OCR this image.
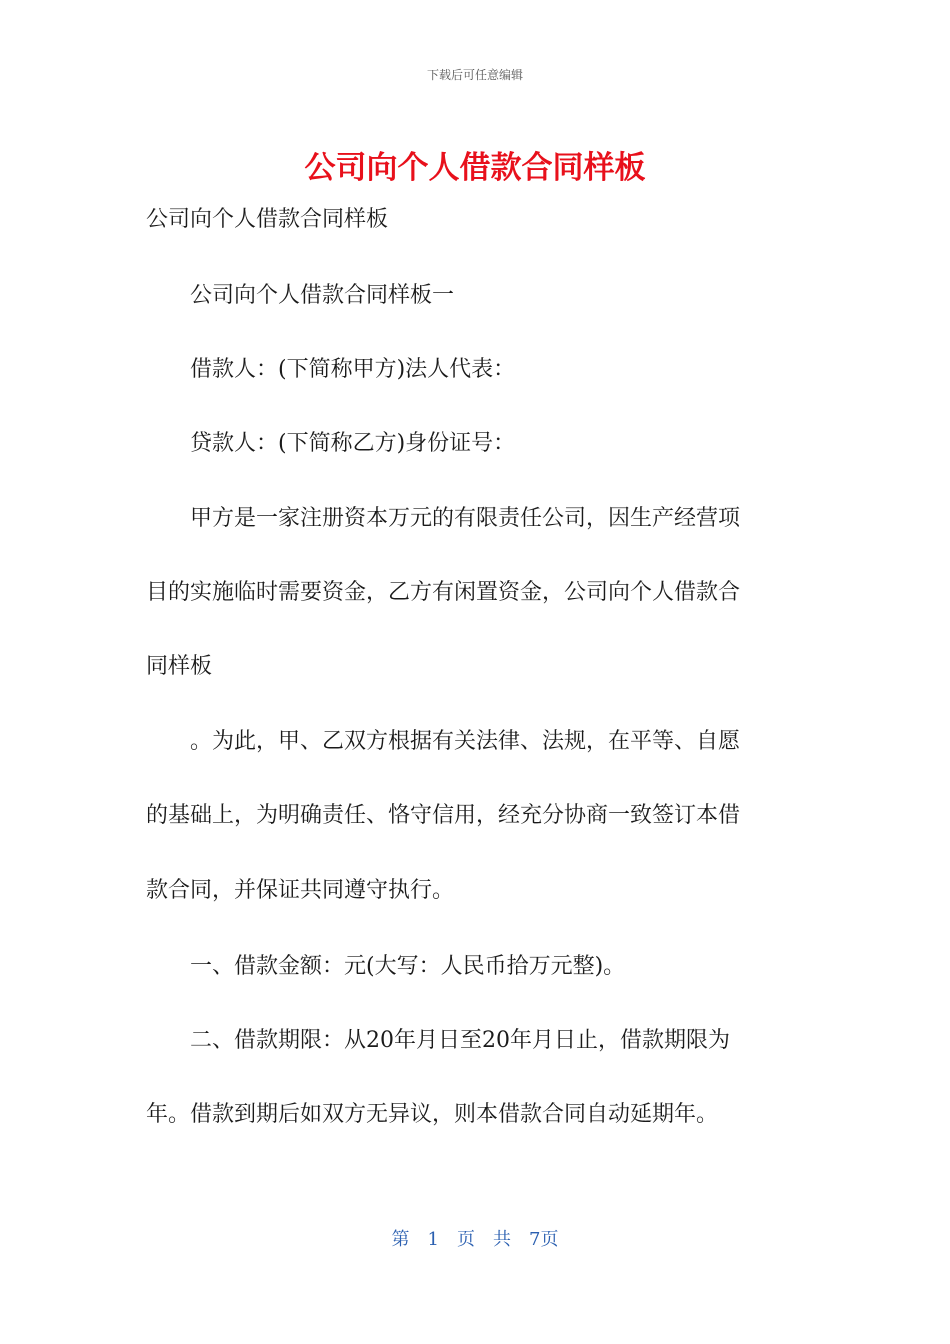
下载后可任意编辑
公司向个人借款合同样板
公司向个人借款合同样板
　　公司向个人借款合同样板一
　　借款人：(下简称甲方)法人代表：
　　贷款人：(下简称乙方)身份证号：
　　甲方是一家注册资本万元的有限责任公司，因生产经营项
目的实施临时需要资金，乙方有闲置资金，公司向个人借款合
同样板
　　。为此，甲、乙双方根据有关法律、法规，在平等、自愿
的基础上，为明确责任、恪守信用，经充分协商一致签订本借
款合同，并保证共同遵守执行。
　　一、借款金额：元(大写：人民币拾万元整)。
　　二、借款期限：从20年月日至20年月日止，借款期限为
年。借款到期后如双方无异议，则本借款合同自动延期年。
第　1　页　共　7页
